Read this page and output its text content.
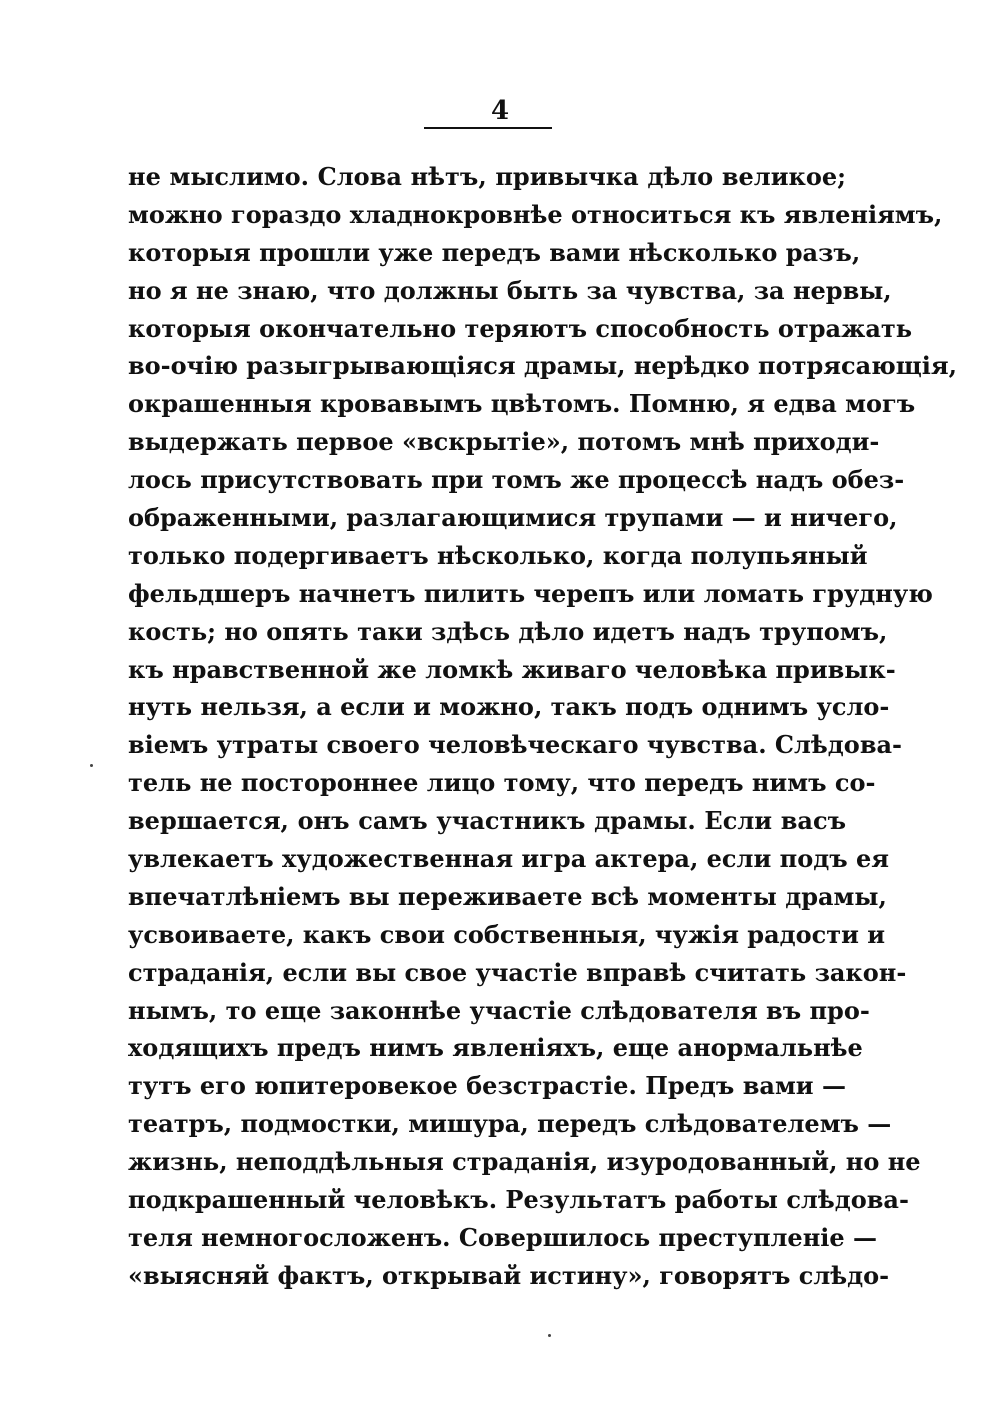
4
не мыслимо. Слова нѣтъ, привычка дѣло великое;
можно гораздо хладнокровнѣе относиться къ явленіямъ,
которыя прошли уже передъ вами нѣсколько разъ,
но я не знаю, что должны быть за чувства, за нервы,
которыя окончательно теряютъ способность отражать
во-очію разыгрывающіяся драмы, нерѣдко потрясающія,
окрашенныя кровавымъ цвѣтомъ. Помню, я едва могъ
выдержать первое «вскрытіе», потомъ мнѣ приходи-
лось присутствовать при томъ же процессѣ надъ обез-
ображенными, разлагающимися трупами — и ничего,
только подергиваетъ нѣсколько, когда полупьяный
фельдшеръ начнетъ пилить черепъ или ломать грудную
кость; но опять таки здѣсь дѣло идетъ надъ трупомъ,
къ нравственной же ломкѣ живаго человѣка привык-
нуть нельзя, а если и можно, такъ подъ однимъ усло-
віемъ утраты своего человѣческаго чувства. Слѣдова-
тель не постороннее лицо тому, что передъ нимъ со-
вершается, онъ самъ участникъ драмы. Если васъ
увлекаетъ художественная игра актера, если подъ ея
впечатлѣніемъ вы переживаете всѣ моменты драмы,
усвоиваете, какъ свои собственныя, чужія радости и
страданія, если вы свое участіе вправѣ считать закон-
нымъ, то еще законнѣе участіе слѣдователя въ про-
ходящихъ предъ нимъ явленіяхъ, еще анормальнѣе
тутъ его юпитеровекое безстрастіе. Предъ вами —
театръ, подмостки, мишура, передъ слѣдователемъ —
жизнь, неподдѣльныя страданія, изуродованный, но не
подкрашенный человѣкъ. Результатъ работы слѣдова-
теля немногосложенъ. Совершилось преступленіе —
«выясняй фактъ, открывай истину», говорятъ слѣдо-
